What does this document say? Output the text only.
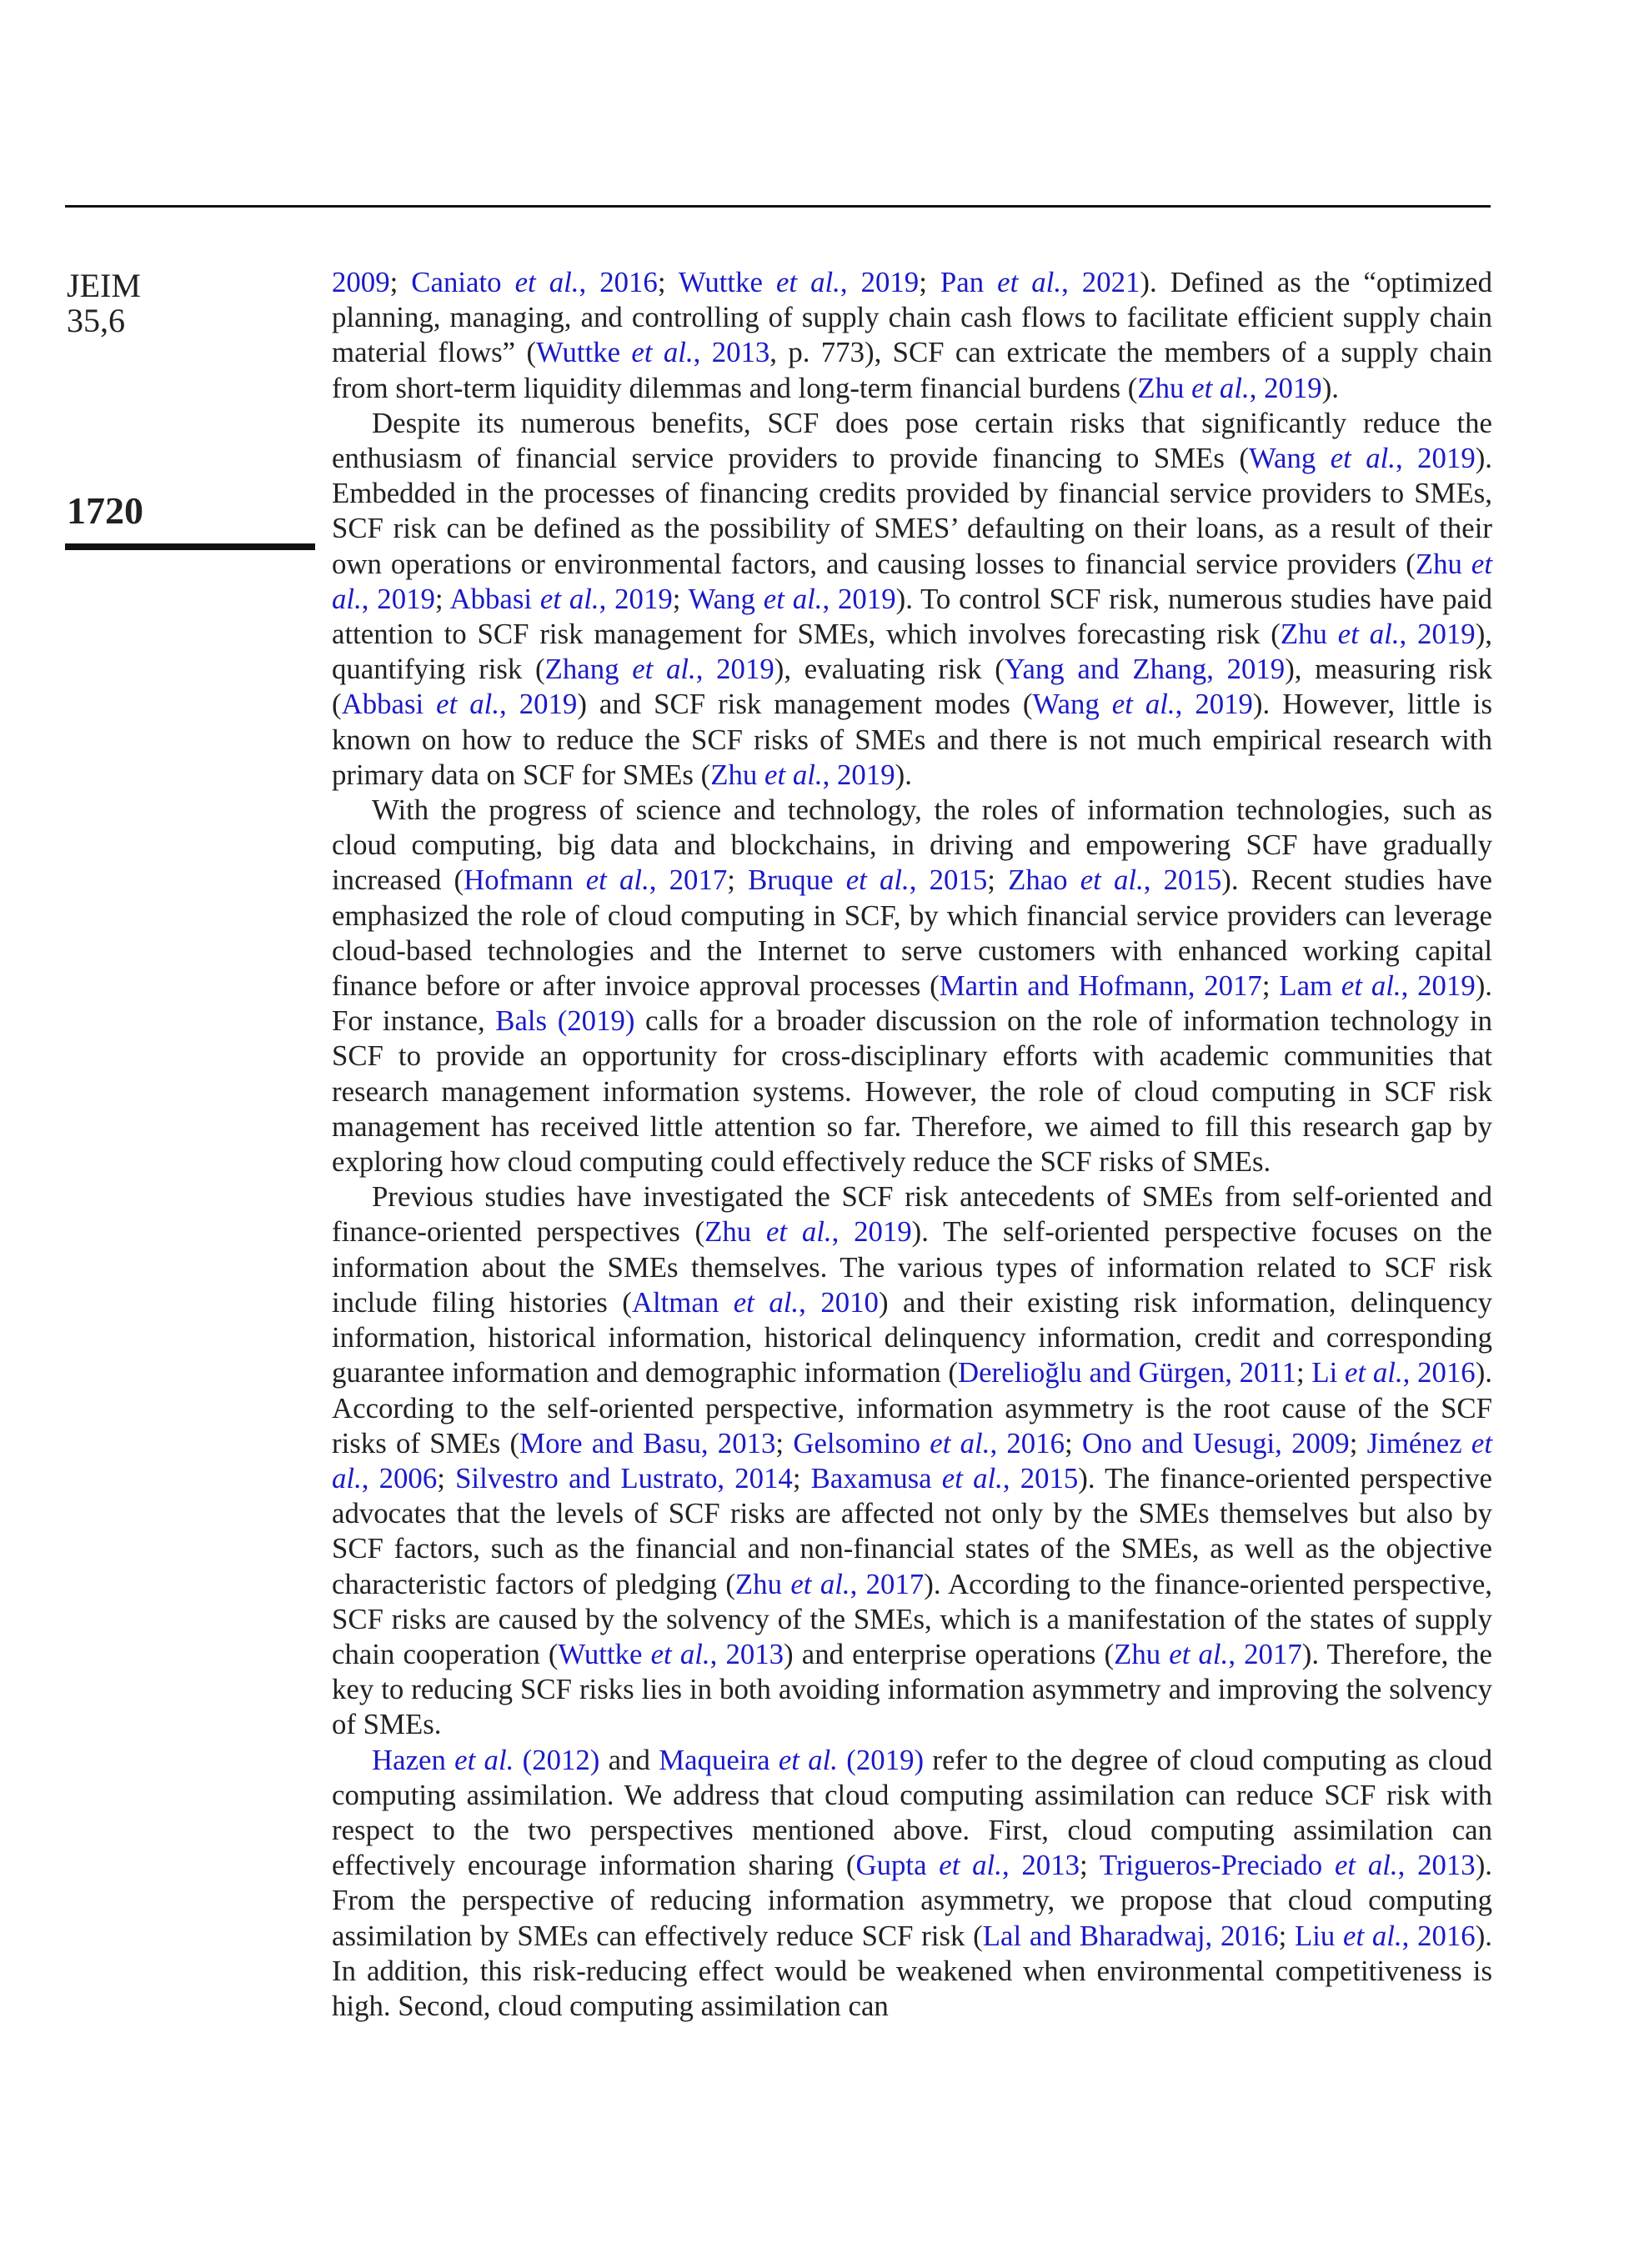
JEIM
35,6
1720

2009; Caniato et al., 2016; Wuttke et al., 2019; Pan et al., 2021). Defined as the “optimized planning, managing, and controlling of supply chain cash flows to facilitate efficient supply chain material flows” (Wuttke et al., 2013, p. 773), SCF can extricate the members of a supply chain from short-term liquidity dilemmas and long-term financial burdens (Zhu et al., 2019).

Despite its numerous benefits, SCF does pose certain risks that significantly reduce the enthusiasm of financial service providers to provide financing to SMEs (Wang et al., 2019). Embedded in the processes of financing credits provided by financial service providers to SMEs, SCF risk can be defined as the possibility of SMES’ defaulting on their loans, as a result of their own operations or environmental factors, and causing losses to financial service providers (Zhu et al., 2019; Abbasi et al., 2019; Wang et al., 2019). To control SCF risk, numerous studies have paid attention to SCF risk management for SMEs, which involves forecasting risk (Zhu et al., 2019), quantifying risk (Zhang et al., 2019), evaluating risk (Yang and Zhang, 2019), measuring risk (Abbasi et al., 2019) and SCF risk management modes (Wang et al., 2019). However, little is known on how to reduce the SCF risks of SMEs and there is not much empirical research with primary data on SCF for SMEs (Zhu et al., 2019).

With the progress of science and technology, the roles of information technologies, such as cloud computing, big data and blockchains, in driving and empowering SCF have gradually increased (Hofmann et al., 2017; Bruque et al., 2015; Zhao et al., 2015). Recent studies have emphasized the role of cloud computing in SCF, by which financial service providers can leverage cloud-based technologies and the Internet to serve customers with enhanced working capital finance before or after invoice approval processes (Martin and Hofmann, 2017; Lam et al., 2019). For instance, Bals (2019) calls for a broader discussion on the role of information technology in SCF to provide an opportunity for cross-disciplinary efforts with academic communities that research management information systems. However, the role of cloud computing in SCF risk management has received little attention so far. Therefore, we aimed to fill this research gap by exploring how cloud computing could effectively reduce the SCF risks of SMEs.

Previous studies have investigated the SCF risk antecedents of SMEs from self-oriented and finance-oriented perspectives (Zhu et al., 2019). The self-oriented perspective focuses on the information about the SMEs themselves. The various types of information related to SCF risk include filing histories (Altman et al., 2010) and their existing risk information, delinquency information, historical information, historical delinquency information, credit and corresponding guarantee information and demographic information (Derelioğlu and Gürgen, 2011; Li et al., 2016). According to the self-oriented perspective, information asymmetry is the root cause of the SCF risks of SMEs (More and Basu, 2013; Gelsomino et al., 2016; Ono and Uesugi, 2009; Jiménez et al., 2006; Silvestro and Lustrato, 2014; Baxamusa et al., 2015). The finance-oriented perspective advocates that the levels of SCF risks are affected not only by the SMEs themselves but also by SCF factors, such as the financial and non-financial states of the SMEs, as well as the objective characteristic factors of pledging (Zhu et al., 2017). According to the finance-oriented perspective, SCF risks are caused by the solvency of the SMEs, which is a manifestation of the states of supply chain cooperation (Wuttke et al., 2013) and enterprise operations (Zhu et al., 2017). Therefore, the key to reducing SCF risks lies in both avoiding information asymmetry and improving the solvency of SMEs.

Hazen et al. (2012) and Maqueira et al. (2019) refer to the degree of cloud computing as cloud computing assimilation. We address that cloud computing assimilation can reduce SCF risk with respect to the two perspectives mentioned above. First, cloud computing assimilation can effectively encourage information sharing (Gupta et al., 2013; Trigueros-Preciado et al., 2013). From the perspective of reducing information asymmetry, we propose that cloud computing assimilation by SMEs can effectively reduce SCF risk (Lal and Bharadwaj, 2016; Liu et al., 2016). In addition, this risk-reducing effect would be weakened when environmental competitiveness is high. Second, cloud computing assimilation can
